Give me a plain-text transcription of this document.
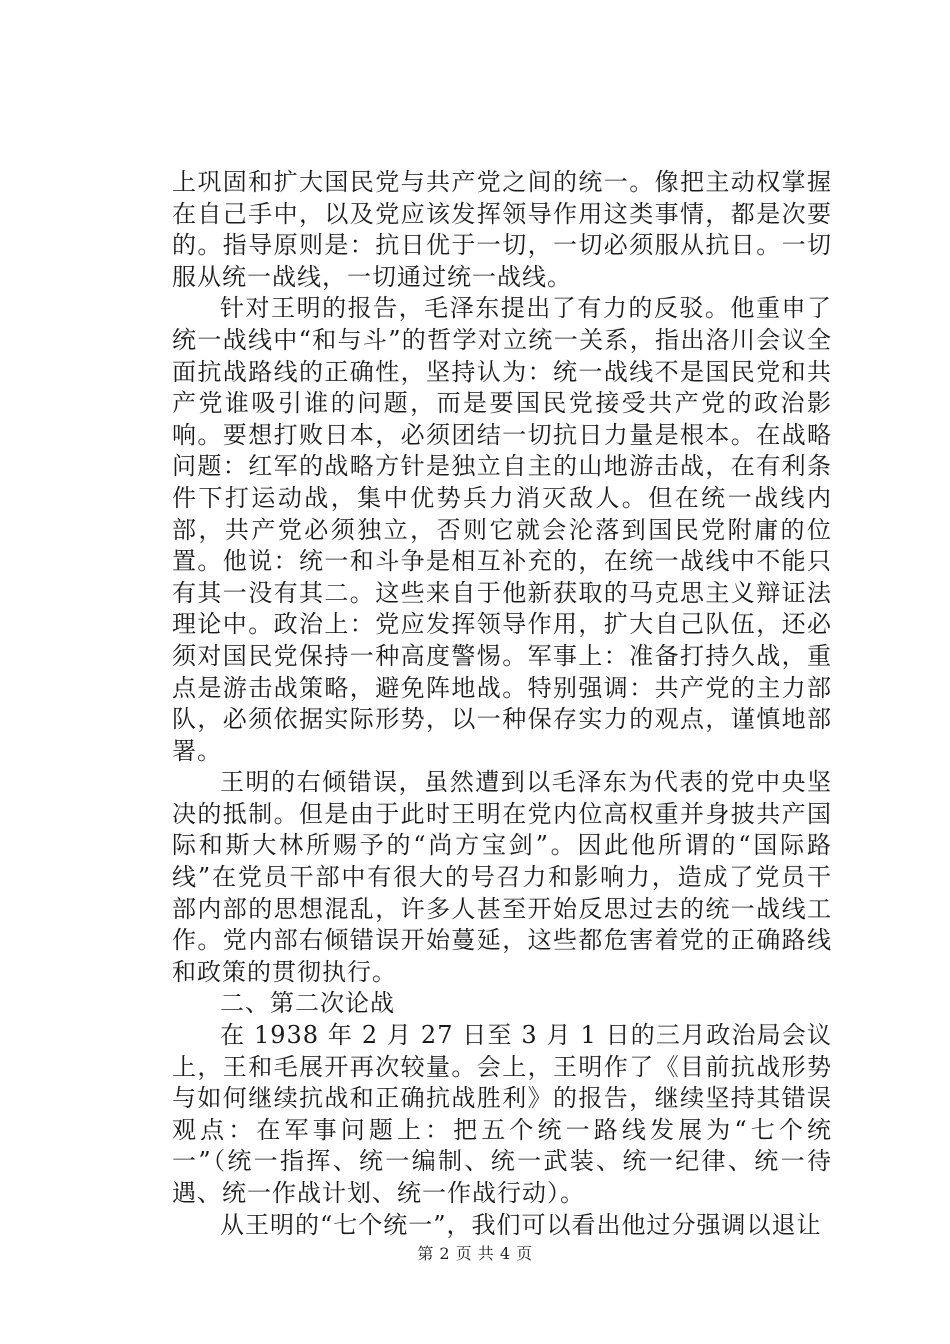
上巩固和扩大国民党与共产党之间的统一。像把主动权掌握在自己手中，以及党应该发挥领导作用这类事情，都是次要的。指导原则是：抗日优于一切，一切必须服从抗日。一切服从统一战线，一切通过统一战线。

针对王明的报告，毛泽东提出了有力的反驳。他重申了统一战线中“和与斗”的哲学对立统一关系，指出洛川会议全面抗战路线的正确性，坚持认为：统一战线不是国民党和共产党谁吸引谁的问题，而是要国民党接受共产党的政治影响。要想打败日本，必须团结一切抗日力量是根本。在战略问题：红军的战略方针是独立自主的山地游击战，在有利条件下打运动战，集中优势兵力消灭敌人。但在统一战线内部，共产党必须独立，否则它就会沦落到国民党附庸的位置。他说：统一和斗争是相互补充的，在统一战线中不能只有其一没有其二。这些来自于他新获取的马克思主义辩证法理论中。政治上：党应发挥领导作用，扩大自己队伍，还必须对国民党保持一种高度警惕。军事上：准备打持久战，重点是游击战策略，避免阵地战。特别强调：共产党的主力部队，必须依据实际形势，以一种保存实力的观点，谨慎地部署。

王明的右倾错误，虽然遭到以毛泽东为代表的党中央坚决的抵制。但是由于此时王明在党内位高权重并身披共产国际和斯大林所赐予的“尚方宝剑”。因此他所谓的“国际路线”在党员干部中有很大的号召力和影响力，造成了党员干部内部的思想混乱，许多人甚至开始反思过去的统一战线工作。党内部右倾错误开始蔓延，这些都危害着党的正确路线和政策的贯彻执行。

二、第二次论战

在 1938 年 2 月 27 日至 3 月 1 日的三月政治局会议上，王和毛展开再次较量。会上，王明作了《目前抗战形势与如何继续抗战和正确抗战胜利》的报告，继续坚持其错误观点：在军事问题上：把五个统一路线发展为“七个统一”（统一指挥、统一编制、统一武装、统一纪律、统一待遇、统一作战计划、统一作战行动）。

从王明的“七个统一”，我们可以看出他过分强调以退让

第 2 页 共 4 页
